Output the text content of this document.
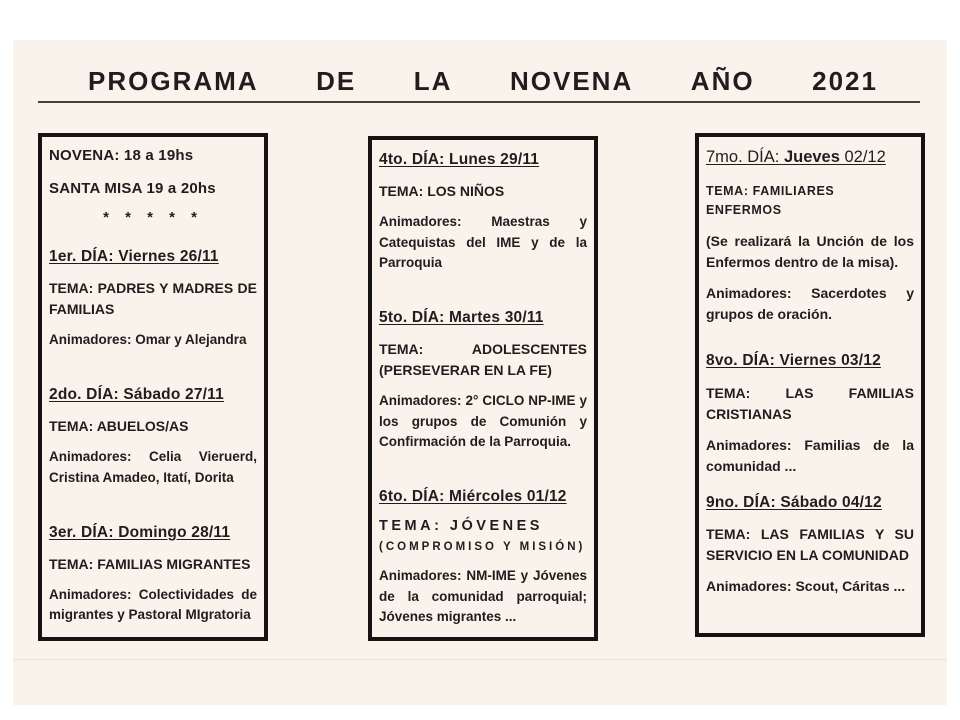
PROGRAMA DE LA NOVENA AÑO 2021
NOVENA: 18 a 19hs
SANTA MISA 19 a 20hs
* * * * *
1er. DÍA: Viernes 26/11
TEMA: PADRES Y MADRES DE FAMILIAS
Animadores: Omar y Alejandra
2do. DÍA: Sábado 27/11
TEMA: ABUELOS/AS
Animadores: Celia Vieruerd, Cristina Amadeo, Itatí, Dorita
3er. DÍA: Domingo 28/11
TEMA: FAMILIAS MIGRANTES
Animadores: Colectividades de migrantes y Pastoral MIgratoria
4to. DÍA: Lunes 29/11
TEMA: LOS NIÑOS
Animadores: Maestras y Catequistas del IME y de la Parroquia
5to. DÍA: Martes 30/11
TEMA: ADOLESCENTES (PERSEVERAR EN LA FE)
Animadores: 2° CICLO NP-IME y los grupos de Comunión y Confirmación de la Parroquia.
6to. DÍA: Miércoles 01/12
TEMA: JÓVENES
(COMPROMISO Y MISIÓN)
Animadores: NM-IME y Jóvenes de la comunidad parroquial; Jóvenes migrantes ...
7mo. DÍA: Jueves 02/12
TEMA: FAMILIARES ENFERMOS
(Se realizará la Unción de los Enfermos dentro de la misa).
Animadores: Sacerdotes y grupos de oración.
8vo. DÍA: Viernes 03/12
TEMA: LAS FAMILIAS CRISTIANAS
Animadores: Familias de la comunidad ...
9no. DÍA: Sábado 04/12
TEMA: LAS FAMILIAS Y SU SERVICIO EN LA COMUNIDAD
Animadores: Scout, Cáritas ...
